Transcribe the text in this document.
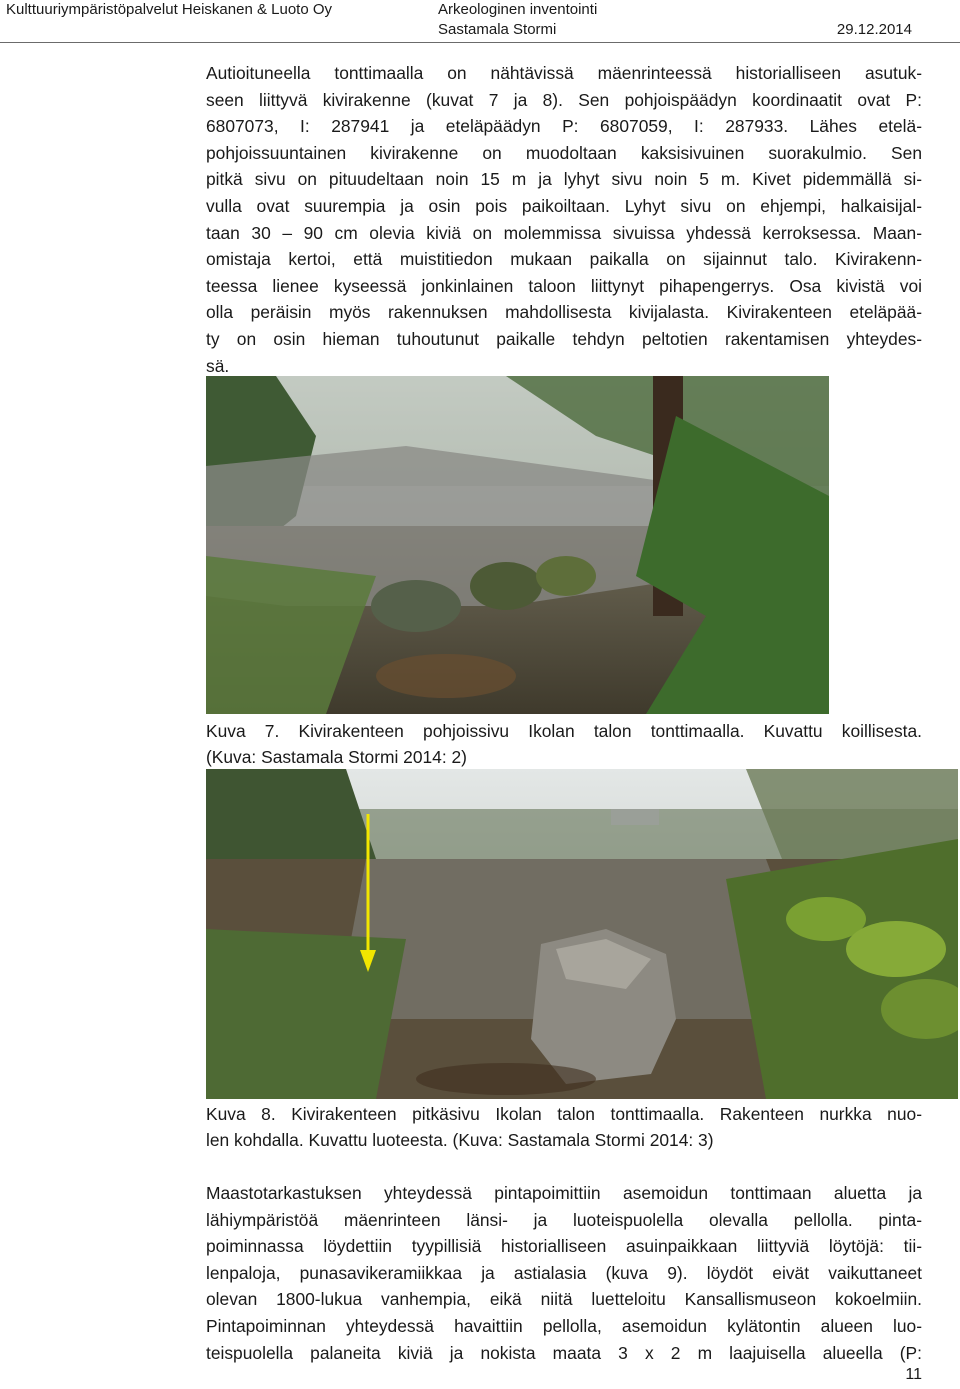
Kulttuuriympäristöpalvelut Heiskanen & Luoto Oy	Arkeologinen inventointi
Sastamala Stormi	29.12.2014

Autioituneella tonttimaalla on nähtävissä mäenrinteessä historialliseen asutuk-
seen liittyvä kivirakenne (kuvat 7 ja 8). Sen pohjoispäädyn koordinaatit ovat P:
6807073, I: 287941 ja eteläpäädyn P: 6807059, I: 287933. Lähes etelä-
pohjoissuuntainen kivirakenne on muodoltaan kaksisivuinen suorakulmio. Sen
pitkä sivu on pituudeltaan noin 15 m ja lyhyt sivu noin 5 m. Kivet pidemmällä si-
vulla ovat suurempia ja osin pois paikoiltaan. Lyhyt sivu on ehjempi, halkaisijal-
taan 30 – 90 cm olevia kiviä on molemmissa sivuissa yhdessä kerroksessa. Maan-
omistaja kertoi, että muistitiedon mukaan paikalla on sijainnut talo. Kivirakenn-
teessa lienee kyseessä jonkinlainen taloon liittynyt pihapengerrys. Osa kivistä voi
olla peräisin myös rakennuksen mahdollisesta kivijalasta. Kivirakenteen eteläpää-
ty on osin hieman tuhoutunut paikalle tehdyn peltotien rakentamisen yhteydes-
sä.

Kuva 7. Kivirakenteen pohjoissivu Ikolan talon tonttimaalla. Kuvattu koillisesta.
(Kuva: Sastamala Stormi 2014: 2)

Kuva 8. Kivirakenteen pitkäsivu Ikolan talon tonttimaalla. Rakenteen nurkka nuo-
len kohdalla. Kuvattu luoteesta. (Kuva: Sastamala Stormi 2014: 3)

Maastotarkastuksen yhteydessä pintapoimittiin asemoidun tonttimaan aluetta ja
lähiympäristöä mäenrinteen länsi- ja luoteispuolella olevalla pellolla. pinta-
poiminnassa löydettiin tyypillisiä historialliseen asuinpaikkaan liittyviä löytöjä: tii-
lenpaloja, punasavikeramiikkaa ja astialasia (kuva 9). löydöt eivät vaikuttaneet
olevan 1800-lukua vanhempia, eikä niitä luetteloitu Kansallismuseon kokoelmiin.
Pintapoiminnan yhteydessä havaittiin pellolla, asemoidun kylätontin alueen luo-
teispuolella palaneita kiviä ja nokista maata 3 x 2 m laajuisella alueella (P:

11
